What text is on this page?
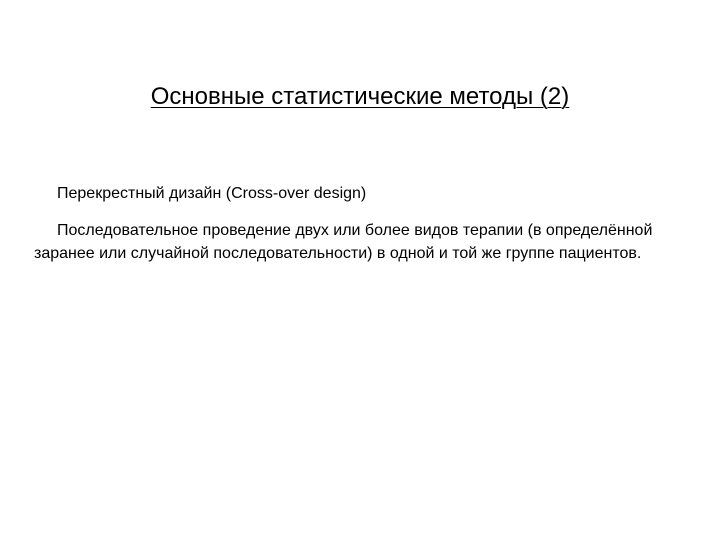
Основные статистические методы (2)
Перекрестный дизайн (Cross-over design)
Последовательное проведение двух или более видов терапии (в определённой заранее или случайной последовательности) в одной и той же группе пациентов.
